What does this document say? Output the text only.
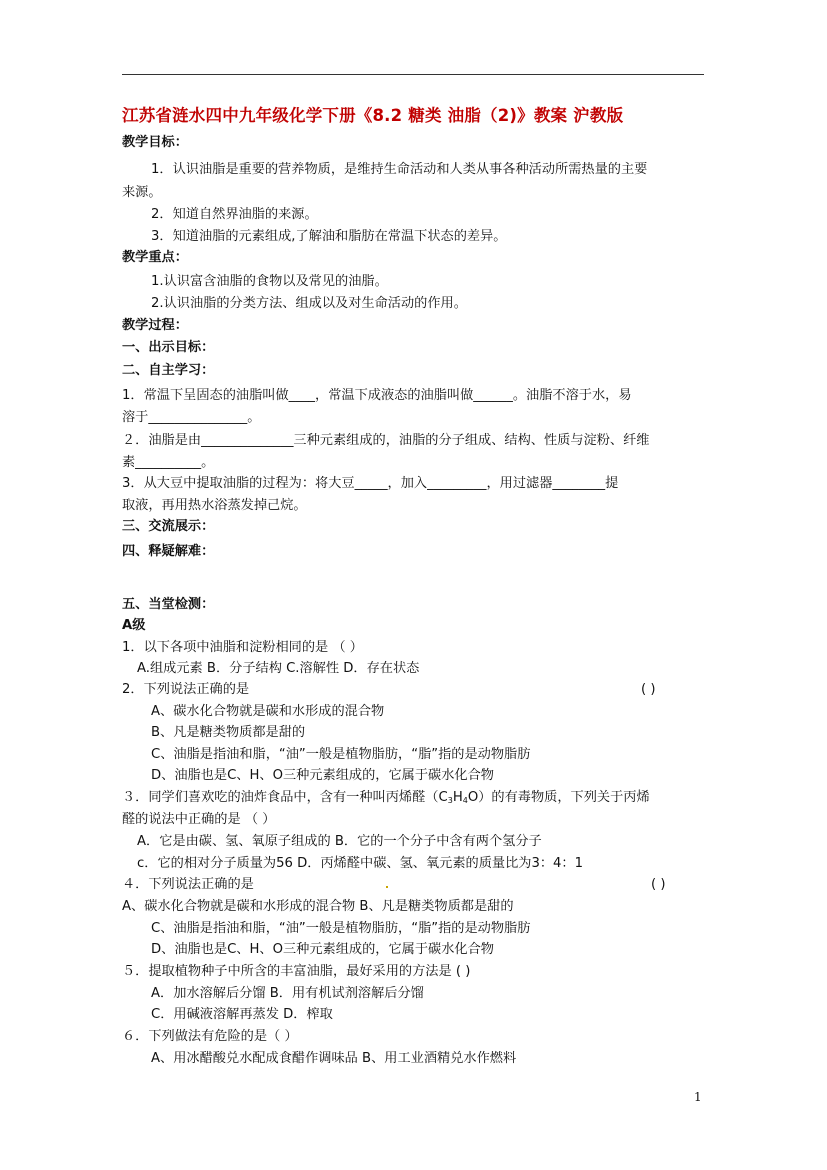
江苏省涟水四中九年级化学下册《8.2 糖类 油脂（2)》教案 沪教版
教学目标：
1．认识油脂是重要的营养物质，是维持生命活动和人类从事各种活动所需热量的主要
来源。
2．知道自然界油脂的来源。
3．知道油脂的元素组成,了解油和脂肪在常温下状态的差异。
教学重点：
1.认识富含油脂的食物以及常见的油脂。
2.认识油脂的分类方法、组成以及对生命活动的作用。
教学过程：
一、出示目标：
二、自主学习：
1．常温下呈固态的油脂叫做____，常温下成液态的油脂叫做______。油脂不溶于水，易
溶于_______________。
２．油脂是由______________三种元素组成的，油脂的分子组成、结构、性质与淀粉、纤维
素__________。
3．从大豆中提取油脂的过程为：将大豆_____，加入_________，用过滤器________提
取液，再用热水浴蒸发掉己烷。
三、交流展示：
四、释疑解难：
五、当堂检测：
A级
1．以下各项中油脂和淀粉相同的是 （ ）
A.组成元素 B．分子结构 C.溶解性 D．存在状态
2．下列说法正确的是	( )
A、碳水化合物就是碳和水形成的混合物
B、凡是糖类物质都是甜的
C、油脂是指油和脂，“油”一般是植物脂肪，“脂”指的是动物脂肪
D、油脂也是C、H、O三种元素组成的，它属于碳水化合物
３．同学们喜欢吃的油炸食品中，含有一种叫丙烯醛$(C_3H_4O)$的有毒物质，下列关于丙烯
醛的说法中正确的是 （ ）
A．它是由碳、氢、氧原子组成的 B．它的一个分子中含有两个氢分子
c．它的相对分子质量为56 D．丙烯醛中碳、氢、氧元素的质量比为3：4：1
４．下列说法正确的是	( )
A、碳水化合物就是碳和水形成的混合物 B、凡是糖类物质都是甜的
C、油脂是指油和脂，“油”一般是植物脂肪，“脂”指的是动物脂肪
D、油脂也是C、H、O三种元素组成的，它属于碳水化合物
５．提取植物种子中所含的丰富油脂，最好采用的方法是 ( )
A．加水溶解后分馏 B．用有机试剂溶解后分馏
C．用碱液溶解再蒸发 D．榨取
６．下列做法有危险的是（ ）
A、用冰醋酸兑水配成食醋作调味品 B、用工业酒精兑水作燃料
1
